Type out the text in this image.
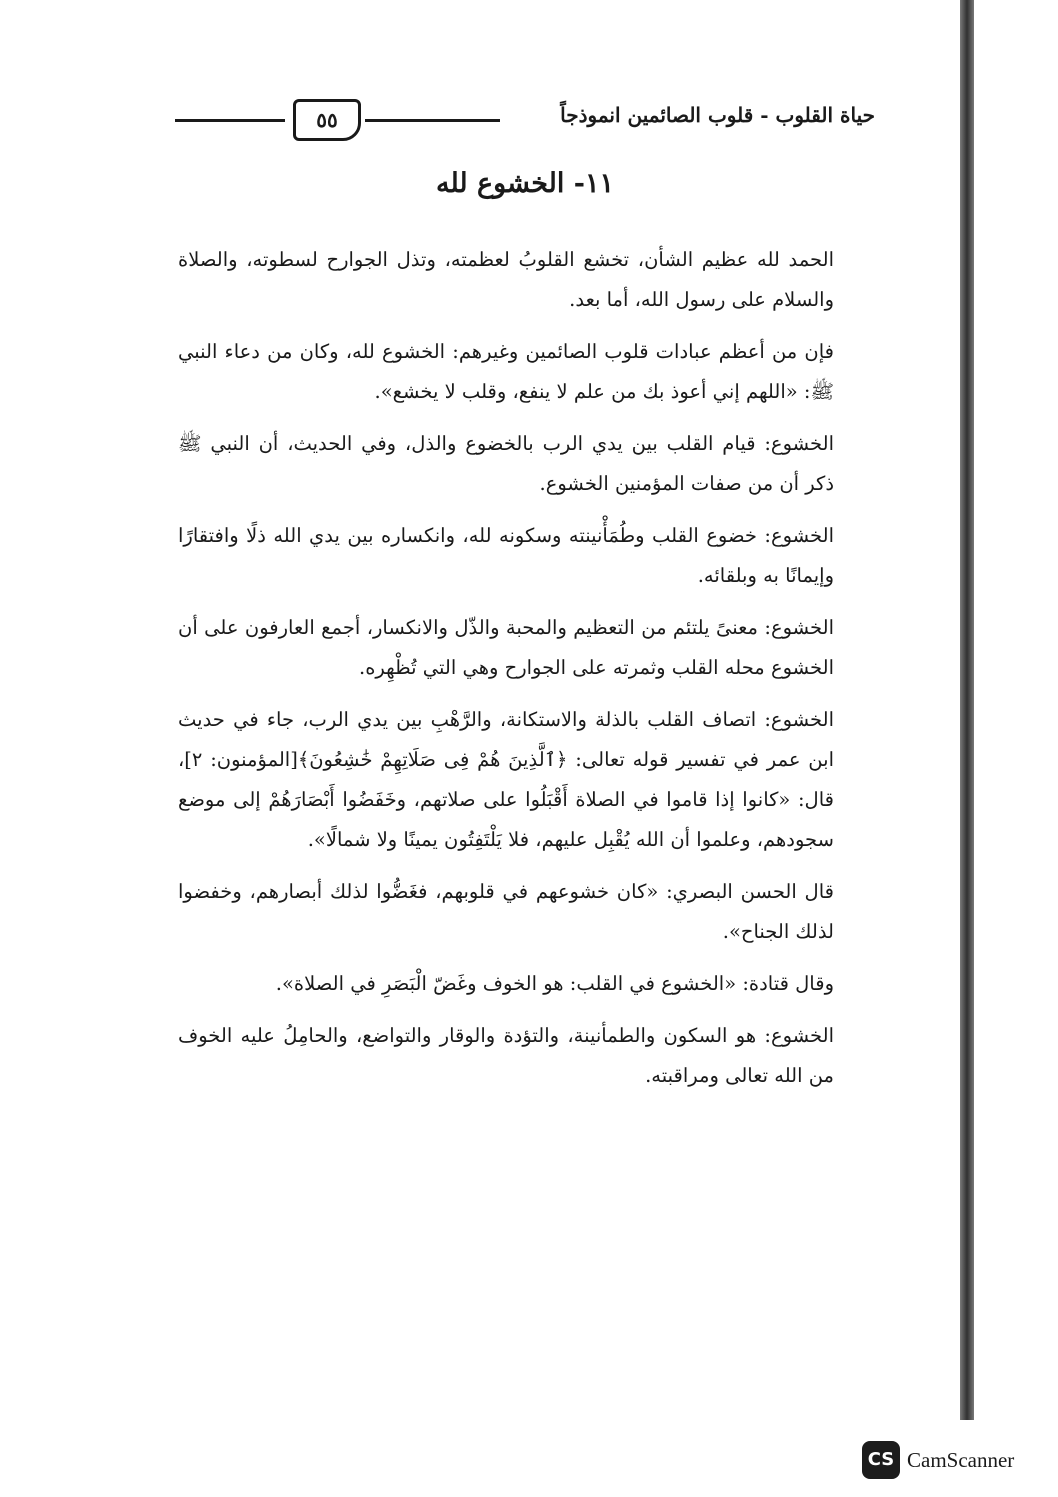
حياة القلوب - قلوب الصائمين انموذجاً
٥٥
١١- الخشوع لله

الحمد لله عظيم الشأن، تخشع القلوبُ لعظمته، وتذل الجوارح لسطوته، والصلاة والسلام على رسول الله، أما بعد.

فإن من أعظم عبادات قلوب الصائمين وغيرهم: الخشوع لله، وكان من دعاء النبي ﷺ: «اللهم إني أعوذ بك من علم لا ينفع، وقلب لا يخشع».

الخشوع: قيام القلب بين يدي الرب بالخضوع والذل، وفي الحديث، أن النبي ﷺ ذكر أن من صفات المؤمنين الخشوع.

الخشوع: خضوع القلب وطُمَأْنينته وسكونه لله، وانكساره بين يدي الله ذلًا وافتقارًا وإيمانًا به وبلقائه.

الخشوع: معنىً يلتئم من التعظيم والمحبة والذّل والانكسار، أجمع العارفون على أن الخشوع محله القلب وثمرته على الجوارح وهي التي تُظْهِره.

الخشوع: اتصاف القلب بالذلة والاستكانة، والرَّهْبِ بين يدي الرب، جاء في حديث ابن عمر في تفسير قوله تعالى: ﴿ٱلَّذِينَ هُمْ فِى صَلَاتِهِمْ خَٰشِعُونَ﴾[المؤمنون: ٢]، قال: «كانوا إذا قاموا في الصلاة أَقْبَلُوا على صلاتهم، وخَفَضُوا أَبْصَارَهُمْ إلى موضع سجودهم، وعلموا أن الله يُقْبِل عليهم، فلا يَلْتَفِتُون يمينًا ولا شمالًا».

قال الحسن البصري: «كان خشوعهم في قلوبهم، فغَضُّوا لذلك أبصارهم، وخفضوا لذلك الجناح».

وقال قتادة: «الخشوع في القلب: هو الخوف وغَضّ الْبَصَرِ في الصلاة».

الخشوع: هو السكون والطمأنينة، والتؤدة والوقار والتواضع، والحامِلُ عليه الخوف من الله تعالى ومراقبته.

CS CamScanner
